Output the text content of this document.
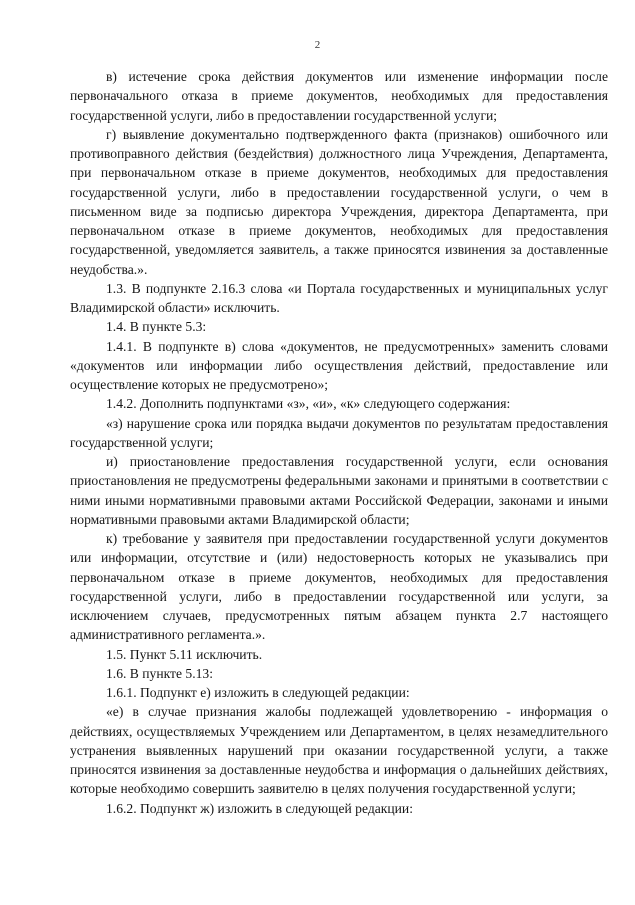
2

в) истечение срока действия документов или изменение информации после первоначального отказа в приеме документов, необходимых для предоставления государственной услуги, либо в предоставлении государственной услуги;

г) выявление документально подтвержденного факта (признаков) ошибочного или противоправного действия (бездействия) должностного лица Учреждения, Департамента, при первоначальном отказе в приеме документов, необходимых для предоставления государственной услуги, либо в предоставлении государственной услуги, о чем в письменном виде за подписью директора Учреждения, директора Департамента, при первоначальном отказе в приеме документов, необходимых для предоставления государственной, уведомляется заявитель, а также приносятся извинения за доставленные неудобства.».

1.3. В подпункте 2.16.3 слова «и Портала государственных и муниципальных услуг Владимирской области» исключить.

1.4. В пункте 5.3:

1.4.1. В подпункте в) слова «документов, не предусмотренных» заменить словами «документов или информации либо осуществления действий, предоставление или осуществление которых не предусмотрено»;

1.4.2. Дополнить подпунктами «з», «и», «к» следующего содержания:

«з) нарушение срока или порядка выдачи документов по результатам предоставления государственной услуги;

и) приостановление предоставления государственной услуги, если основания приостановления не предусмотрены федеральными законами и принятыми в соответствии с ними иными нормативными правовыми актами Российской Федерации, законами и иными нормативными правовыми актами Владимирской области;

к) требование у заявителя при предоставлении государственной услуги документов или информации, отсутствие и (или) недостоверность которых не указывались при первоначальном отказе в приеме документов, необходимых для предоставления государственной услуги, либо в предоставлении государственной или услуги, за исключением случаев, предусмотренных пятым абзацем пункта 2.7 настоящего административного регламента.».

1.5. Пункт 5.11 исключить.

1.6. В пункте 5.13:

1.6.1. Подпункт е) изложить в следующей редакции:

«е) в случае признания жалобы подлежащей удовлетворению - информация о действиях, осуществляемых Учреждением или Департаментом, в целях незамедлительного устранения выявленных нарушений при оказании государственной услуги, а также приносятся извинения за доставленные неудобства и информация о дальнейших действиях, которые необходимо совершить заявителю в целях получения государственной услуги;

1.6.2. Подпункт ж) изложить в следующей редакции:
